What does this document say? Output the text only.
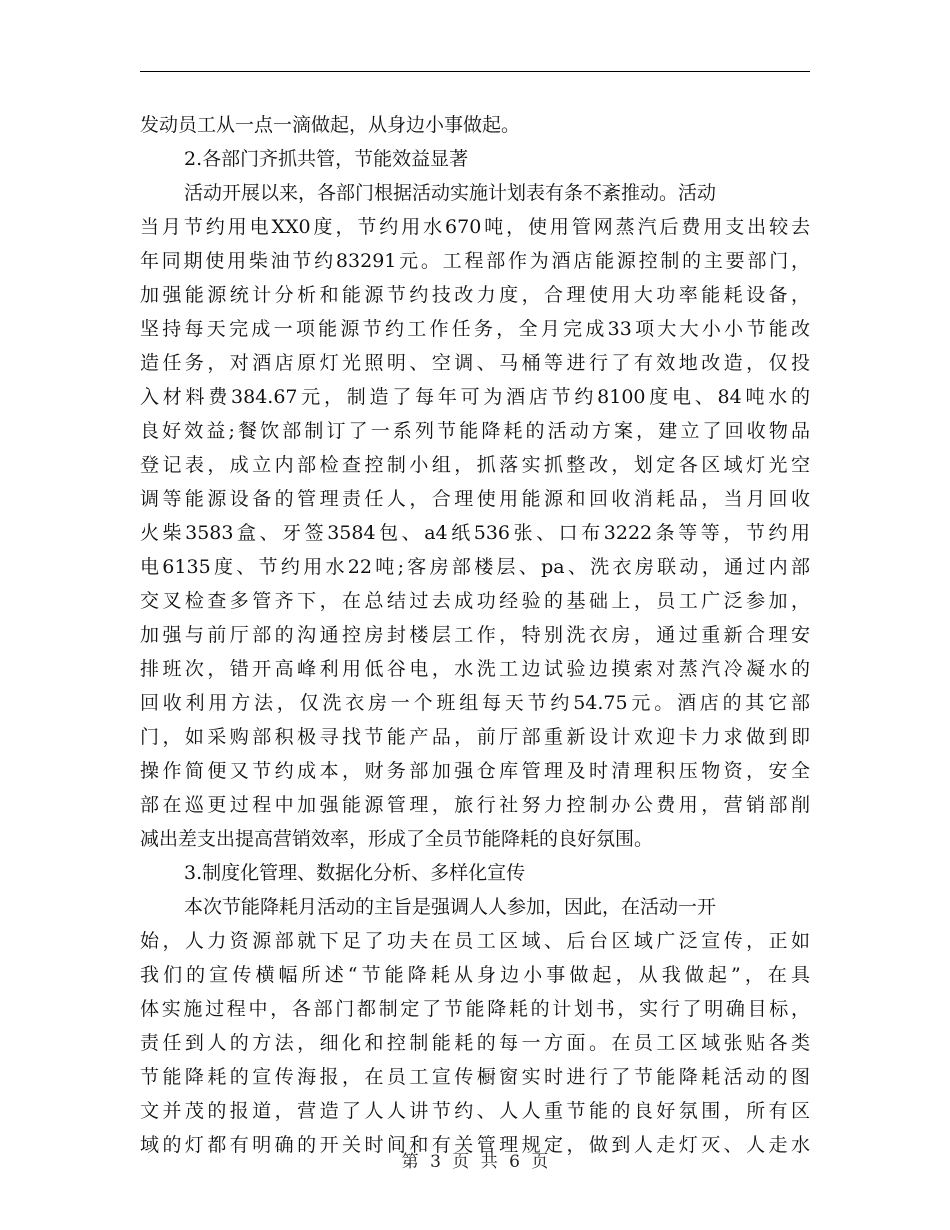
发动员工从一点一滴做起，从身边小事做起。
2.各部门齐抓共管，节能效益显著
活动开展以来，各部门根据活动实施计划表有条不紊推动。活动
当月节约用电XX0度，节约用水670吨，使用管网蒸汽后费用支出较去
年同期使用柴油节约83291元。工程部作为酒店能源控制的主要部门，
加强能源统计分析和能源节约技改力度，合理使用大功率能耗设备，
坚持每天完成一项能源节约工作任务，全月完成33项大大小小节能改
造任务，对酒店原灯光照明、空调、马桶等进行了有效地改造，仅投
入材料费384.67元，制造了每年可为酒店节约8100度电、84吨水的
良好效益;餐饮部制订了一系列节能降耗的活动方案，建立了回收物品
登记表，成立内部检查控制小组，抓落实抓整改，划定各区域灯光空
调等能源设备的管理责任人，合理使用能源和回收消耗品，当月回收
火柴3583盒、牙签3584包、a4纸536张、口布3222条等等，节约用
电6135度、节约用水22吨;客房部楼层、pa、洗衣房联动，通过内部
交叉检查多管齐下，在总结过去成功经验的基础上，员工广泛参加，
加强与前厅部的沟通控房封楼层工作，特别洗衣房，通过重新合理安
排班次，错开高峰利用低谷电，水洗工边试验边摸索对蒸汽冷凝水的
回收利用方法，仅洗衣房一个班组每天节约54.75元。酒店的其它部
门，如采购部积极寻找节能产品，前厅部重新设计欢迎卡力求做到即
操作简便又节约成本，财务部加强仓库管理及时清理积压物资，安全
部在巡更过程中加强能源管理，旅行社努力控制办公费用，营销部削
减出差支出提高营销效率，形成了全员节能降耗的良好氛围。
3.制度化管理、数据化分析、多样化宣传
本次节能降耗月活动的主旨是强调人人参加，因此，在活动一开
始，人力资源部就下足了功夫在员工区域、后台区域广泛宣传，正如
我们的宣传横幅所述“节能降耗从身边小事做起，从我做起”，在具
体实施过程中，各部门都制定了节能降耗的计划书，实行了明确目标，
责任到人的方法，细化和控制能耗的每一方面。在员工区域张贴各类
节能降耗的宣传海报，在员工宣传橱窗实时进行了节能降耗活动的图
文并茂的报道，营造了人人讲节约、人人重节能的良好氛围，所有区
域的灯都有明确的开关时间和有关管理规定，做到人走灯灭、人走水
第 3 页 共 6 页
